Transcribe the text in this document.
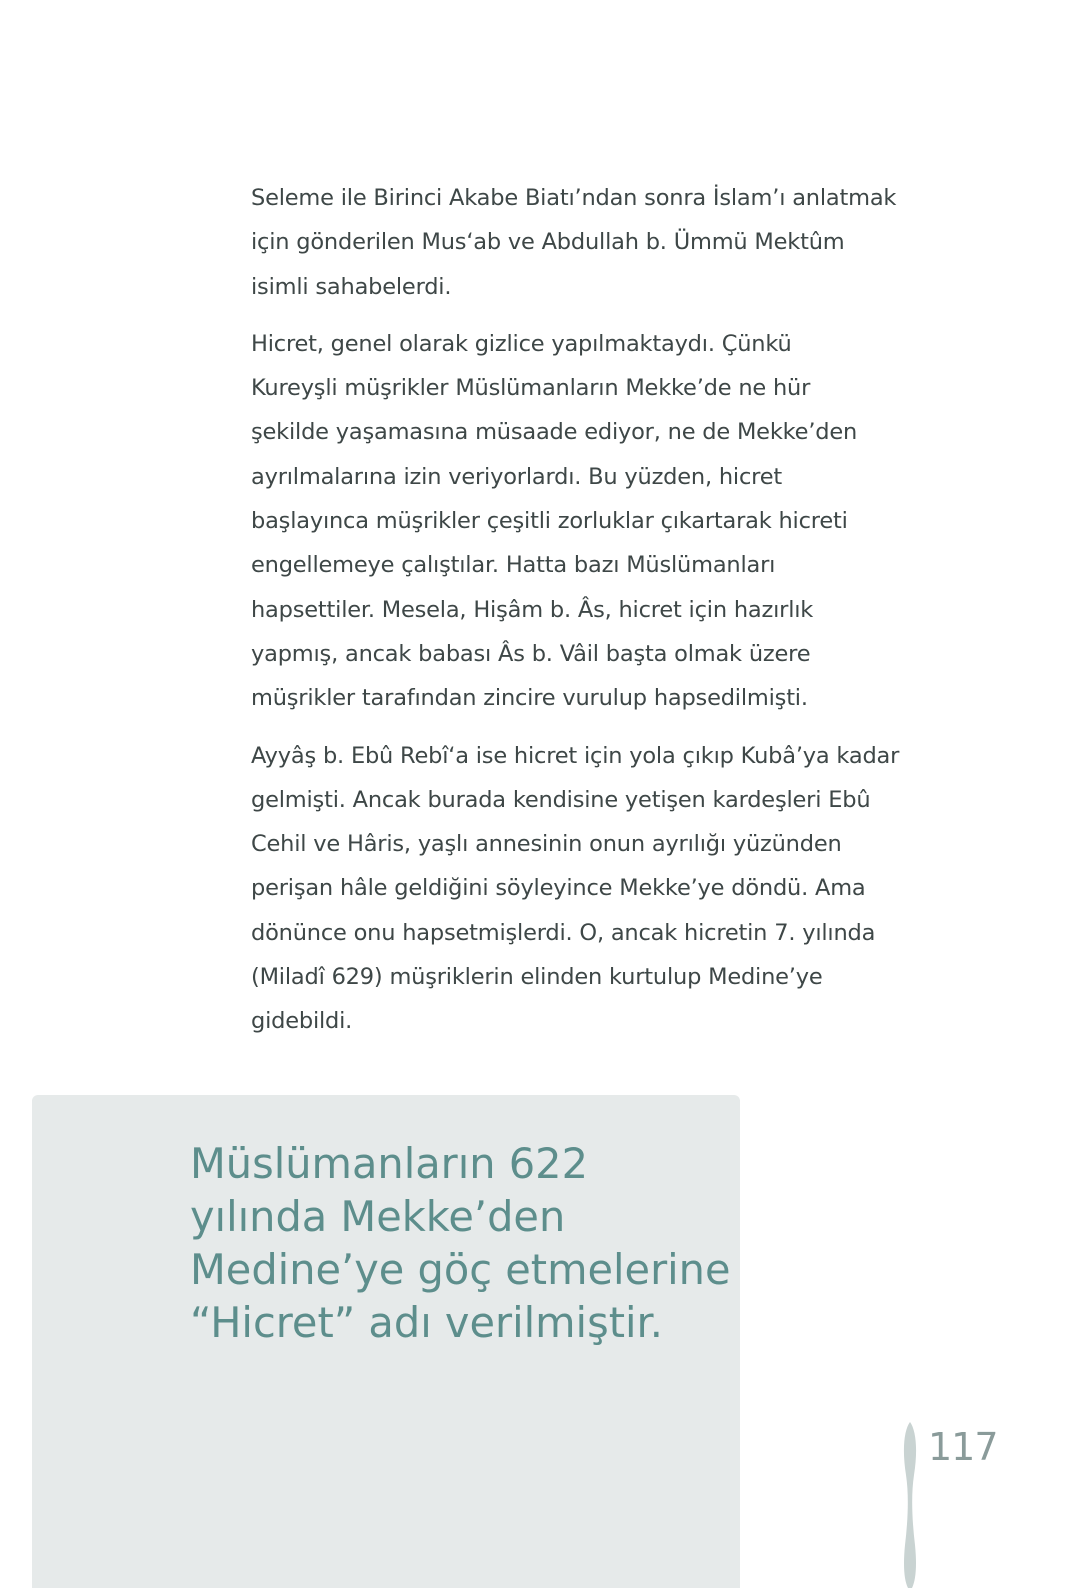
Seleme ile Birinci Akabe Biatı’ndan sonra İslam’ı anlatmak
için gönderilen Mus‘ab ve Abdullah b. Ümmü Mektûm
isimli sahabelerdi.

Hicret, genel olarak gizlice yapılmaktaydı. Çünkü
Kureyşli müşrikler Müslümanların Mekke’de ne hür
şekilde yaşamasına müsaade ediyor, ne de Mekke’den
ayrılmalarına izin veriyorlardı. Bu yüzden, hicret
başlayınca müşrikler çeşitli zorluklar çıkartarak hicreti
engellemeye çalıştılar. Hatta bazı Müslümanları
hapsettiler. Mesela, Hişâm b. Âs, hicret için hazırlık
yapmış, ancak babası Âs b. Vâil başta olmak üzere
müşrikler tarafından zincire vurulup hapsedilmişti.

Ayyâş b. Ebû Rebî‘a ise hicret için yola çıkıp Kubâ’ya kadar
gelmişti. Ancak burada kendisine yetişen kardeşleri Ebû
Cehil ve Hâris, yaşlı annesinin onun ayrılığı yüzünden
perişan hâle geldiğini söyleyince Mekke’ye döndü. Ama
dönünce onu hapsetmişlerdi. O, ancak hicretin 7. yılında
(Miladî 629) müşriklerin elinden kurtulup Medine’ye
gidebildi.

Müslümanların 622
yılında Mekke’den
Medine’ye göç etmelerine
“Hicret” adı verilmiştir.
117
